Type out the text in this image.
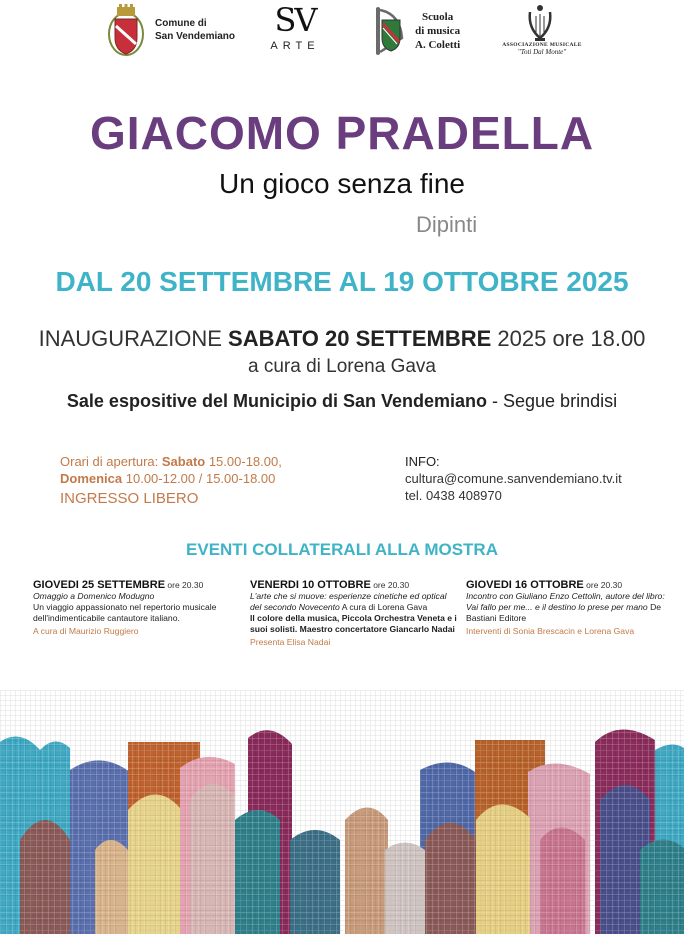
Comune di
San Vendemiano	SV
ARTE
Scuola
di musica
A. Coletti	ASSOCIAZIONE MUSICALE
"Toti Dal Monte"
GIACOMO PRADELLA
Un gioco senza fine
Dipinti
DAL 20 SETTEMBRE AL 19 OTTOBRE 2025
INAUGURAZIONE SABATO 20 SETTEMBRE 2025 ore 18.00
a cura di Lorena Gava
Sale espositive del Municipio di San Vendemiano - Segue brindisi
Orari di apertura: Sabato 15.00-18.00,
Domenica 10.00-12.00 / 15.00-18.00
INGRESSO LIBERO
INFO:
cultura@comune.sanvendemiano.tv.it
tel. 0438 408970
EVENTI COLLATERALI ALLA MOSTRA
GIOVEDI 25 SETTEMBRE ore 20.30
Omaggio a Domenico Modugno
Un viaggio appassionato nel repertorio musicale dell'indimenticabile cantautore italiano.
A cura di Maurizio Ruggiero
VENERDI 10 OTTOBRE ore 20.30
L'arte che si muove: esperienze cinetiche ed optical del secondo Novecento A cura di Lorena Gava
Il colore della musica, Piccola Orchestra Veneta e i suoi solisti. Maestro concertatore Giancarlo Nadai
Presenta Elisa Nadai
GIOVEDI 16 OTTOBRE ore 20.30
Incontro con Giuliano Enzo Cettolin, autore del libro: Vai fallo per me... e il destino lo prese per mano De Bastiani Editore
Interventi di Sonia Brescacin e Lorena Gava
